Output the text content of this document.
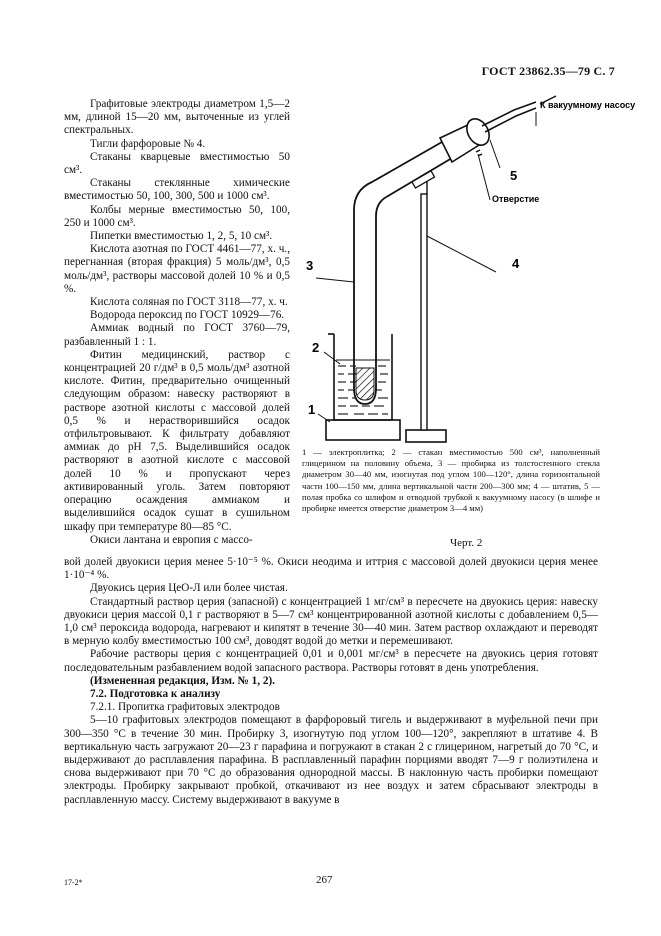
ГОСТ 23862.35—79 С. 7

Графитовые электроды диаметром 1,5—2 мм, длиной 15—20 мм, выточенные из углей спектральных.

Тигли фарфоровые № 4.

Стаканы кварцевые вместимостью 50 см³.

Стаканы стеклянные химические вместимостью 50, 100, 300, 500 и 1000 см³.

Колбы мерные вместимостью 50, 100, 250 и 1000 см³.

Пипетки вместимостью 1, 2, 5, 10 см³.

Кислота азотная по ГОСТ 4461—77, х. ч., перегнанная (вторая фракция) 5 моль/дм³, 0,5 моль/дм³, растворы массовой долей 10 % и 0,5 %.

Кислота соляная по ГОСТ 3118—77, х. ч.

Водорода пероксид по ГОСТ 10929—76.

Аммиак водный по ГОСТ 3760—79, разбавленный 1 : 1.

Фитин медицинский, раствор с концентрацией 20 г/дм³ в 0,5 моль/дм³ азотной кислоте. Фитин, предварительно очищенный следующим образом: навеску растворяют в растворе азотной кислоты с массовой долей 0,5 % и нерастворившийся осадок отфильтровывают. К фильтрату добавляют аммиак до pH 7,5. Выделившийся осадок растворяют в азотной кислоте с массовой долей 10 % и пропускают через активированный уголь. Затем повторяют операцию осаждения аммиаком и выделившийся осадок сушат в сушильном шкафу при температуре 80—85 °С.

Окиси лантана и европия с массо-

К вакуумному насосу
Отверстие
1
2
3	4
5
1 — электроплитка; 2 — стакан вместимостью 500 см³, наполненный глицерином на половину объема, 3 — пробирка из толстостенного стекла диаметром 30—40 мм, изогнутая под углом 100—120°, длина горизонтальной части 100—150 мм, длина вертикальной части 200—300 мм; 4 — штатив, 5 — полая пробка со шлифом и отводной трубкой к вакуумному насосу (в шлифе и пробирке имеется отверстие диаметром 3—4 мм)
Черт. 2

вой долей двуокиси церия менее 5·10⁻⁵ %. Окиси неодима и иттрия с массовой долей двуокиси церия менее 1·10⁻⁴ %.

Двуокись церия ЦеО-Л или более чистая.

Стандартный раствор церия (запасной) с концентрацией 1 мг/см³ в пересчете на двуокись церия: навеску двуокиси церия массой 0,1 г растворяют в 5—7 см³ концентрированной азотной кислоты с добавлением 0,5—1,0 см³ пероксида водорода, нагревают и кипятят в течение 30—40 мин. Затем раствор охлаждают и переводят в мерную колбу вместимостью 100 см³, доводят водой до метки и перемешивают.

Рабочие растворы церия с концентрацией 0,01 и 0,001 мг/см³ в пересчете на двуокись церия готовят последовательным разбавлением водой запасного раствора. Растворы готовят в день употребления.

(Измененная редакция, Изм. № 1, 2).

7.2. Подготовка к анализу

7.2.1. Пропитка графитовых электродов

5—10 графитовых электродов помещают в фарфоровый тигель и выдерживают в муфельной печи при 300—350 °С в течение 30 мин. Пробирку 3, изогнутую под углом 100—120°, закрепляют в штативе 4. В вертикальную часть загружают 20—23 г парафина и погружают в стакан 2 с глицерином, нагретый до 70 °С, и выдерживают до расплавления парафина. В расплавленный парафин порциями вводят 7—9 г полиэтилена и снова выдерживают при 70 °С до образования однородной массы. В наклонную часть пробирки помещают электроды. Пробирку закрывают пробкой, откачивают из нее воздух и затем сбрасывают электроды в расплавленную массу. Систему выдерживают в вакууме в

17-2*	267
